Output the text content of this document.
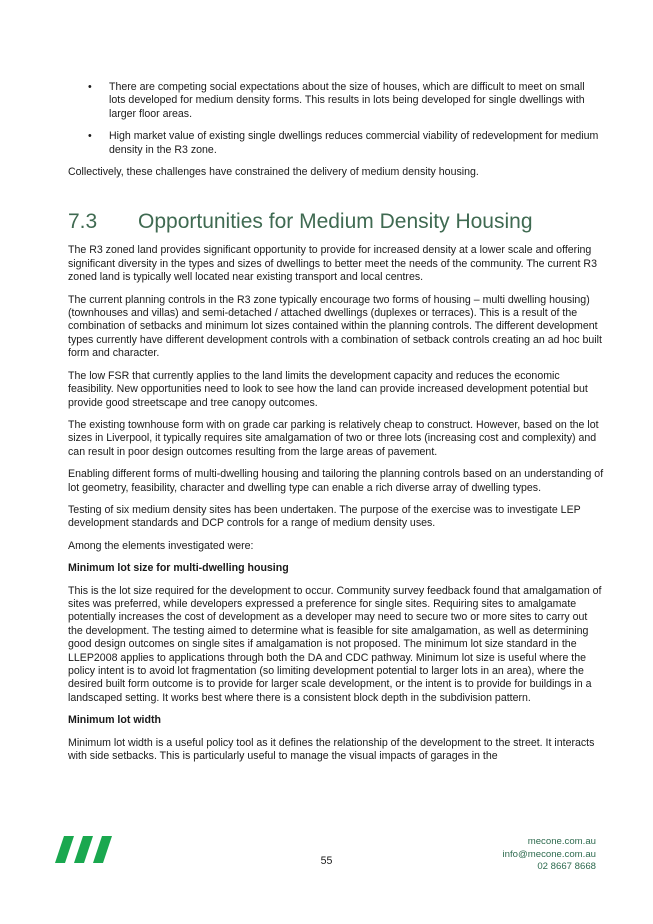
• There are competing social expectations about the size of houses, which are difficult to meet on small lots developed for medium density forms. This results in lots being developed for single dwellings with larger floor areas.
• High market value of existing single dwellings reduces commercial viability of redevelopment for medium density in the R3 zone.

Collectively, these challenges have constrained the delivery of medium density housing.

7.3	Opportunities for Medium Density Housing

The R3 zoned land provides significant opportunity to provide for increased density at a lower scale and offering significant diversity in the types and sizes of dwellings to better meet the needs of the community. The current R3 zoned land is typically well located near existing transport and local centres.

The current planning controls in the R3 zone typically encourage two forms of housing – multi dwelling housing) (townhouses and villas) and semi-detached / attached dwellings (duplexes or terraces). This is a result of the combination of setbacks and minimum lot sizes contained within the planning controls. The different development types currently have different development controls with a combination of setback controls creating an ad hoc built form and character.

The low FSR that currently applies to the land limits the development capacity and reduces the economic feasibility. New opportunities need to look to see how the land can provide increased development potential but provide good streetscape and tree canopy outcomes.

The existing townhouse form with on grade car parking is relatively cheap to construct. However, based on the lot sizes in Liverpool, it typically requires site amalgamation of two or three lots (increasing cost and complexity) and can result in poor design outcomes resulting from the large areas of pavement.

Enabling different forms of multi-dwelling housing and tailoring the planning controls based on an understanding of lot geometry, feasibility, character and dwelling type can enable a rich diverse array of dwelling types.

Testing of six medium density sites has been undertaken. The purpose of the exercise was to investigate LEP development standards and DCP controls for a range of medium density uses.

Among the elements investigated were:

Minimum lot size for multi-dwelling housing

This is the lot size required for the development to occur. Community survey feedback found that amalgamation of sites was preferred, while developers expressed a preference for single sites. Requiring sites to amalgamate potentially increases the cost of development as a developer may need to secure two or more sites to carry out the development. The testing aimed to determine what is feasible for site amalgamation, as well as determining good design outcomes on single sites if amalgamation is not proposed. The minimum lot size standard in the LLEP2008 applies to applications through both the DA and CDC pathway. Minimum lot size is useful where the policy intent is to avoid lot fragmentation (so limiting development potential to larger lots in an area), where the desired built form outcome is to provide for larger scale development, or the intent is to provide for buildings in a landscaped setting. It works best where there is a consistent block depth in the subdivision pattern.

Minimum lot width

Minimum lot width is a useful policy tool as it defines the relationship of the development to the street. It interacts with side setbacks. This is particularly useful to manage the visual impacts of garages in the

55
mecone.com.au
info@mecone.com.au
02 8667 8668
